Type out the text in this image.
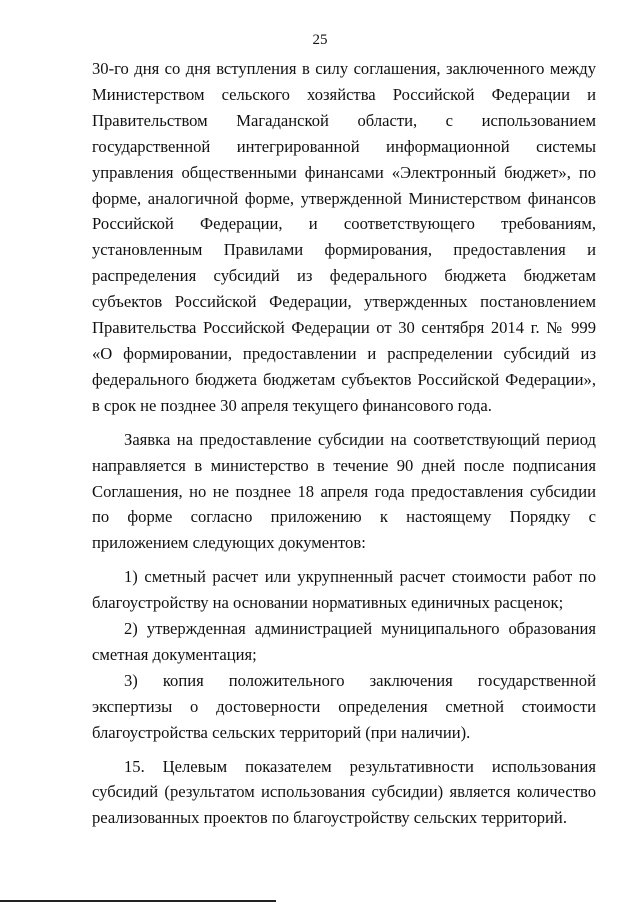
25

30-го дня со дня вступления в силу соглашения, заключенного между Министерством сельского хозяйства Российской Федерации и Правительством Магаданской области, с использованием государственной интегрированной информационной системы управления общественными финансами «Электронный бюджет», по форме, аналогичной форме, утвержденной Министерством финансов Российской Федерации, и соответствующего требованиям, установленным Правилами формирования, предоставления и распределения субсидий из федерального бюджета бюджетам субъектов Российской Федерации, утвержденных постановлением Правительства Российской Федерации от 30 сентября 2014 г. № 999 «О формировании, предоставлении и распределении субсидий из федерального бюджета бюджетам субъектов Российской Федерации», в срок не позднее 30 апреля текущего финансового года.

Заявка на предоставление субсидии на соответствующий период направляется в министерство в течение 90 дней после подписания Соглашения, но не позднее 18 апреля года предоставления субсидии по форме согласно приложению к настоящему Порядку с приложением следующих документов:

1) сметный расчет или укрупненный расчет стоимости работ по благоустройству на основании нормативных единичных расценок;

2) утвержденная администрацией муниципального образования сметная документация;

3) копия положительного заключения государственной экспертизы о достоверности определения сметной стоимости благоустройства сельских территорий (при наличии).

15. Целевым показателем результативности использования субсидий (результатом использования субсидии) является количество реализованных проектов по благоустройству сельских территорий.
